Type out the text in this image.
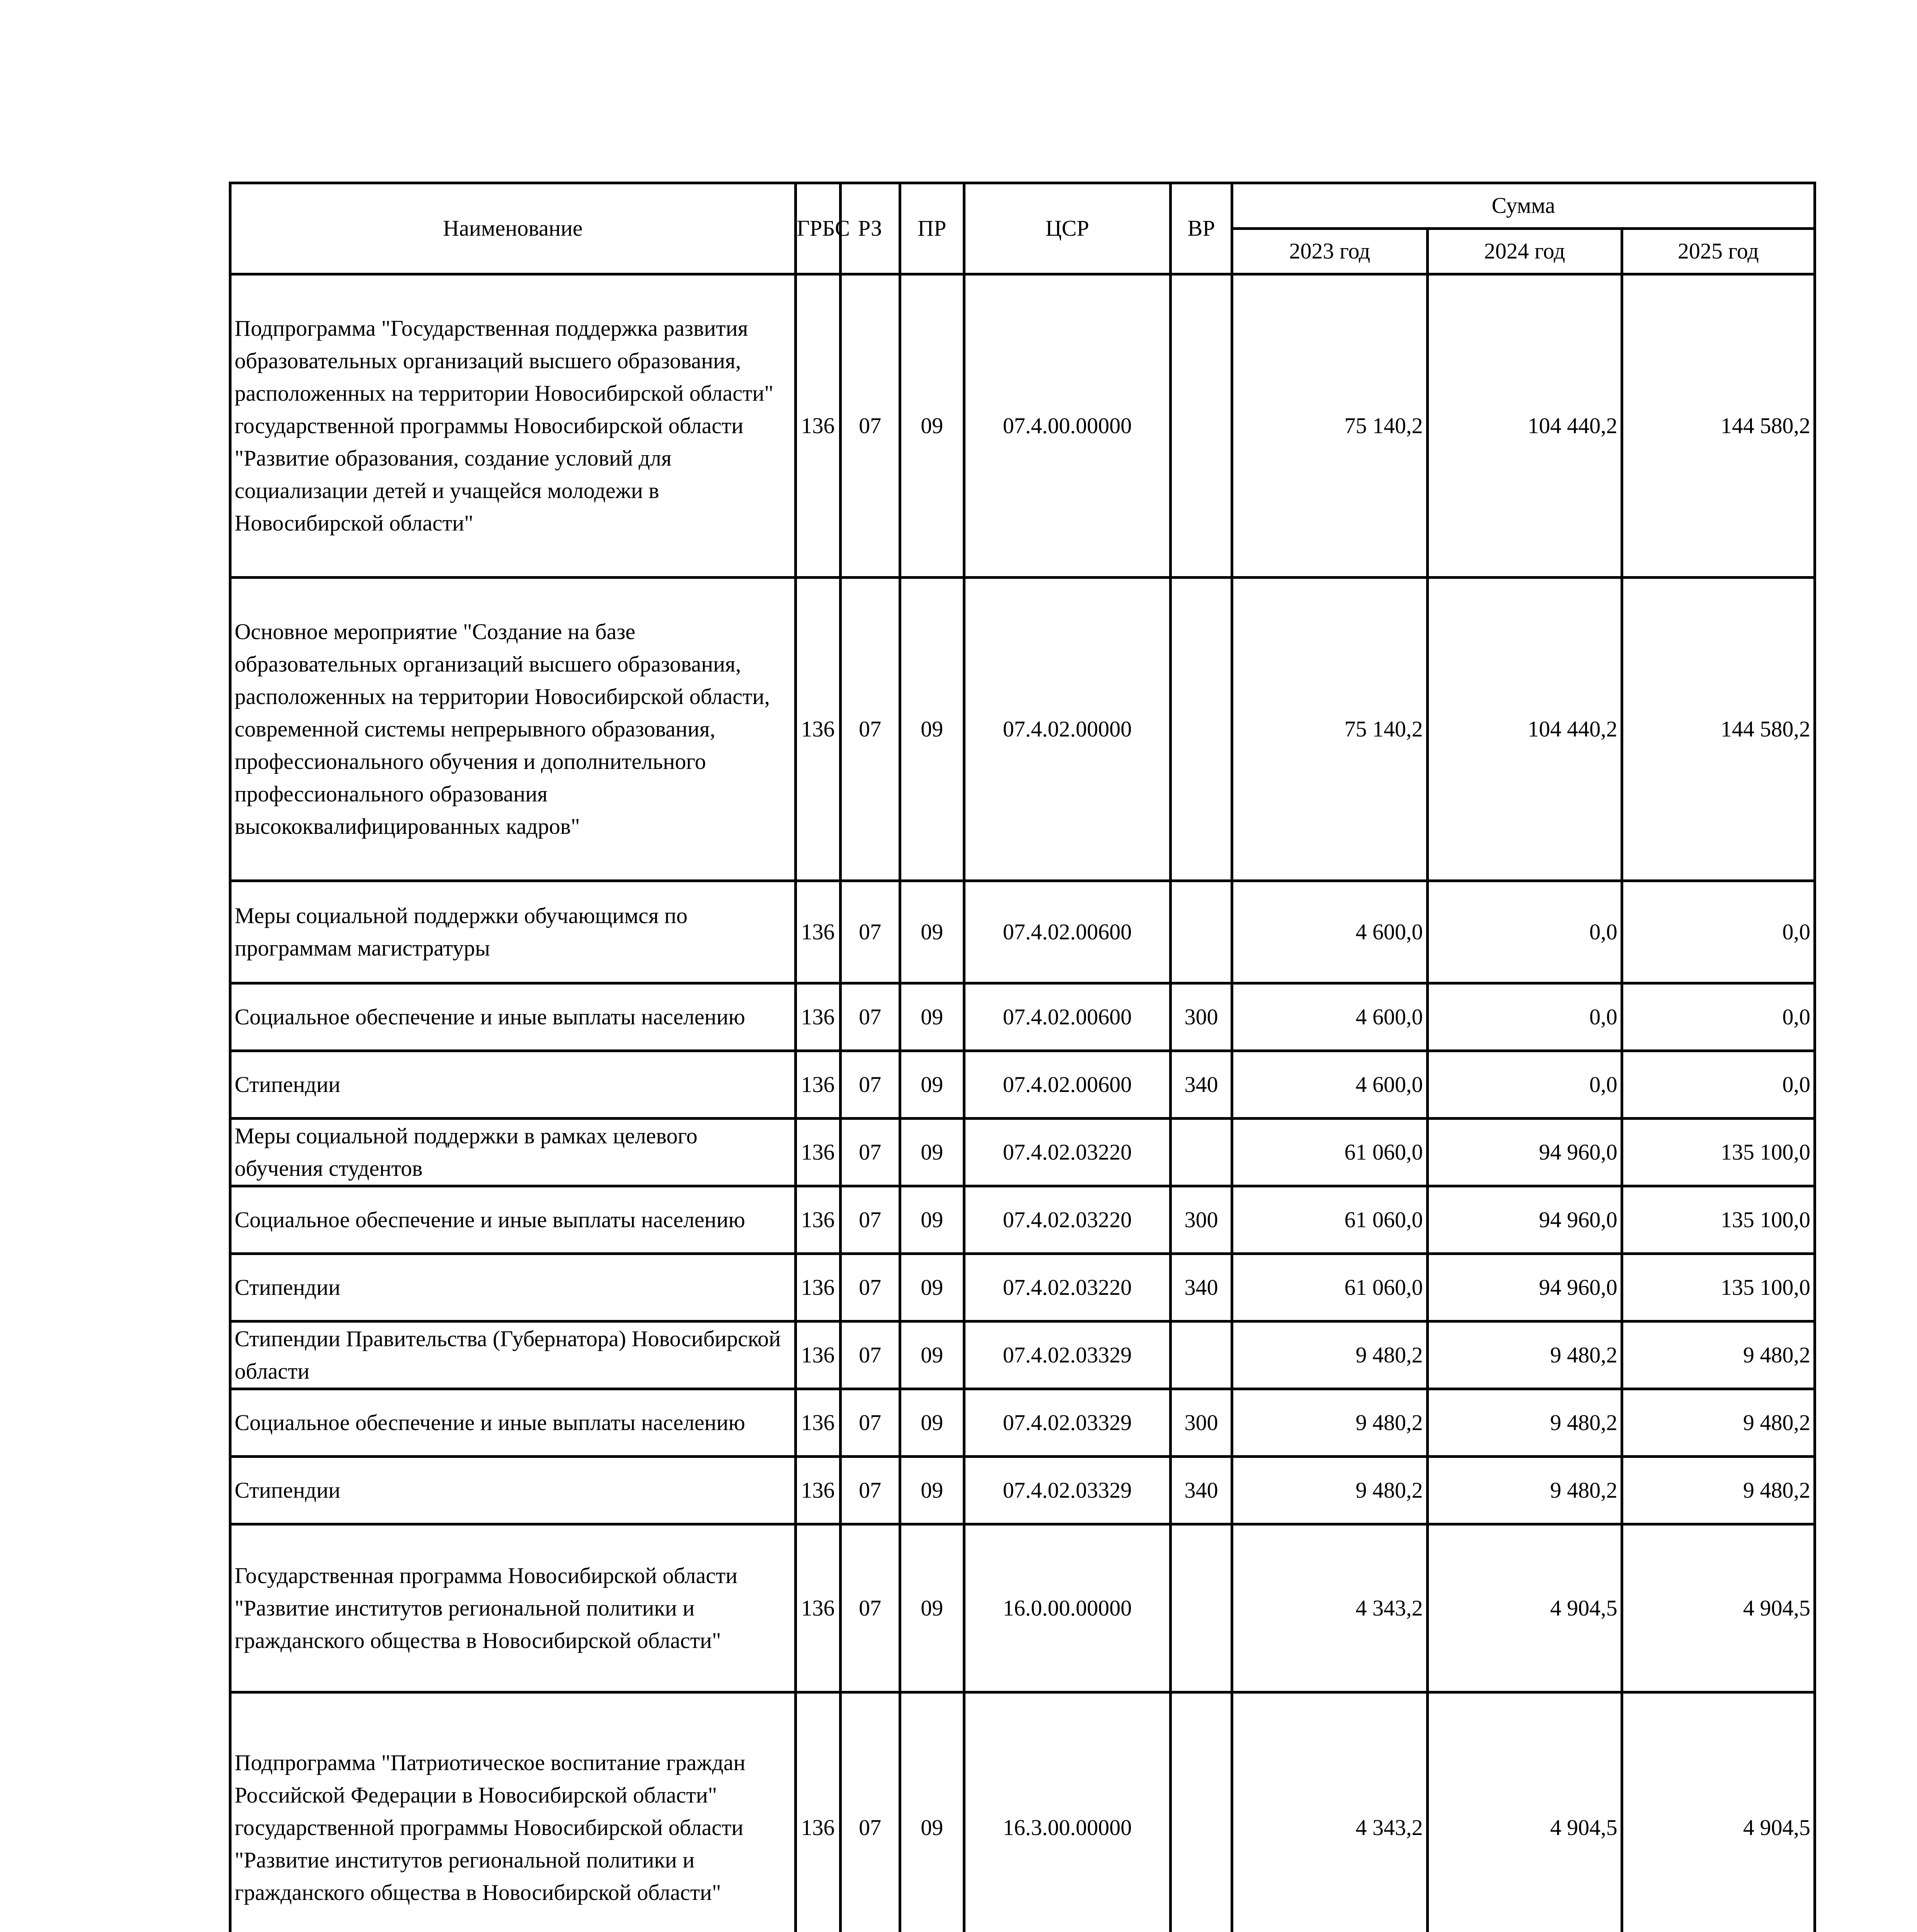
Наименование	ГРБС	РЗ	ПР	ЦСР	ВР	Сумма		
						2023 год	2024 год	2025 год
Подпрограмма "Государственная поддержка развития образовательных организаций высшего образования, расположенных на территории Новосибирской области" государственной программы Новосибирской области "Развитие образования, создание условий для социализации детей и учащейся молодежи в Новосибирской области"	136	07	09	07.4.00.00000		75 140,2	104 440,2	144 580,2
Основное мероприятие "Создание на базе образовательных организаций высшего образования, расположенных на территории Новосибирской области, современной системы непрерывного образования, профессионального обучения и дополнительного профессионального образования высококвалифицированных кадров"	136	07	09	07.4.02.00000		75 140,2	104 440,2	144 580,2
Меры социальной поддержки обучающимся по программам магистратуры	136	07	09	07.4.02.00600		4 600,0	0,0	0,0
Социальное обеспечение и иные выплаты населению	136	07	09	07.4.02.00600	300	4 600,0	0,0	0,0
Стипендии	136	07	09	07.4.02.00600	340	4 600,0	0,0	0,0
Меры социальной поддержки в рамках целевого обучения студентов	136	07	09	07.4.02.03220		61 060,0	94 960,0	135 100,0
Социальное обеспечение и иные выплаты населению	136	07	09	07.4.02.03220	300	61 060,0	94 960,0	135 100,0
Стипендии	136	07	09	07.4.02.03220	340	61 060,0	94 960,0	135 100,0
Стипендии Правительства (Губернатора) Новосибирской области	136	07	09	07.4.02.03329		9 480,2	9 480,2	9 480,2
Социальное обеспечение и иные выплаты населению	136	07	09	07.4.02.03329	300	9 480,2	9 480,2	9 480,2
Стипендии	136	07	09	07.4.02.03329	340	9 480,2	9 480,2	9 480,2
Государственная программа Новосибирской области "Развитие институтов региональной политики и гражданского общества в Новосибирской области"	136	07	09	16.0.00.00000		4 343,2	4 904,5	4 904,5
Подпрограмма "Патриотическое воспитание граждан Российской Федерации в Новосибирской области" государственной программы Новосибирской области "Развитие институтов региональной политики и гражданского общества в Новосибирской области"	136	07	09	16.3.00.00000		4 343,2	4 904,5	4 904,5
